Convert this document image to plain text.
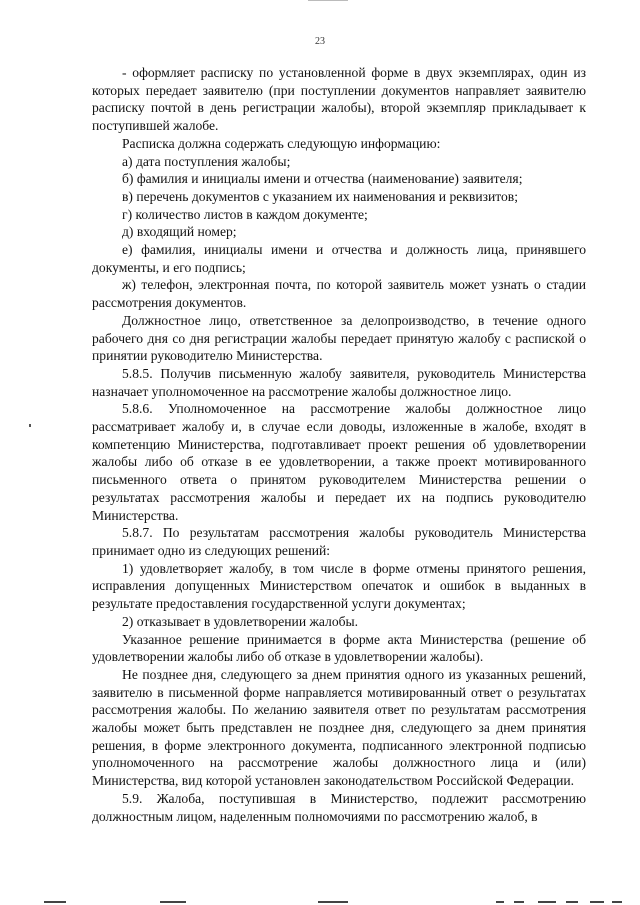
23

- оформляет расписку по установленной форме в двух экземплярах, один из которых передает заявителю (при поступлении документов направляет заявителю расписку почтой в день регистрации жалобы), второй экземпляр прикладывает к поступившей жалобе.

Расписка должна содержать следующую информацию:

а) дата поступления жалобы;

б) фамилия и инициалы имени и отчества (наименование) заявителя;

в) перечень документов с указанием их наименования и реквизитов;

г) количество листов в каждом документе;

д) входящий номер;

е) фамилия, инициалы имени и отчества и должность лица, принявшего документы, и его подпись;

ж) телефон, электронная почта, по которой заявитель может узнать о стадии рассмотрения документов.

Должностное лицо, ответственное за делопроизводство, в течение одного рабочего дня со дня регистрации жалобы передает принятую жалобу с распиской о принятии руководителю Министерства.

5.8.5. Получив письменную жалобу заявителя, руководитель Министерства назначает уполномоченное на рассмотрение жалобы должностное лицо.

5.8.6. Уполномоченное на рассмотрение жалобы должностное лицо рассматривает жалобу и, в случае если доводы, изложенные в жалобе, входят в компетенцию Министерства, подготавливает проект решения об удовлетворении жалобы либо об отказе в ее удовлетворении, а также проект мотивированного письменного ответа о принятом руководителем Министерства решении о результатах рассмотрения жалобы и передает их на подпись руководителю Министерства.

5.8.7. По результатам рассмотрения жалобы руководитель Министерства принимает одно из следующих решений:

1) удовлетворяет жалобу, в том числе в форме отмены принятого решения, исправления допущенных Министерством опечаток и ошибок в выданных в результате предоставления государственной услуги документах;

2) отказывает в удовлетворении жалобы.

Указанное решение принимается в форме акта Министерства (решение об удовлетворении жалобы либо об отказе в удовлетворении жалобы).

Не позднее дня, следующего за днем принятия одного из указанных решений, заявителю в письменной форме направляется мотивированный ответ о результатах рассмотрения жалобы. По желанию заявителя ответ по результатам рассмотрения жалобы может быть представлен не позднее дня, следующего за днем принятия решения, в форме электронного документа, подписанного электронной подписью уполномоченного на рассмотрение жалобы должностного лица и (или) Министерства, вид которой установлен законодательством Российской Федерации.

5.9. Жалоба, поступившая в Министерство, подлежит рассмотрению должностным лицом, наделенным полномочиями по рассмотрению жалоб, в
